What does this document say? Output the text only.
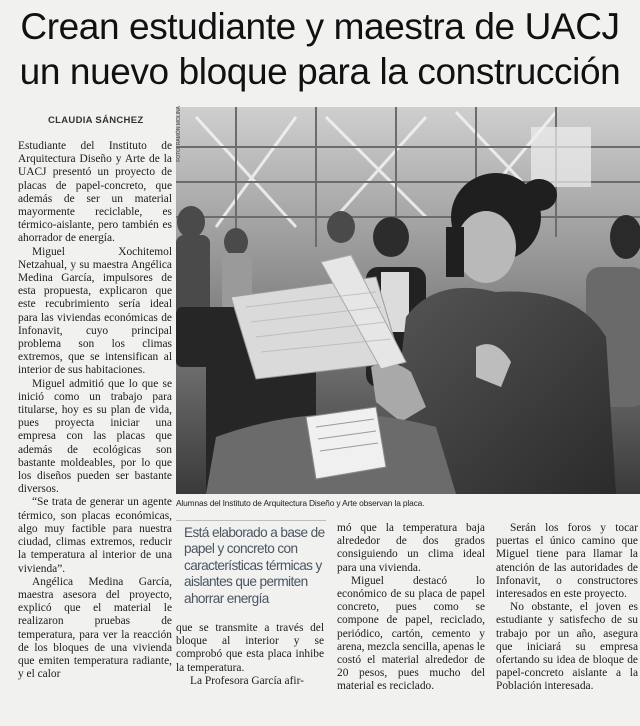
Crean estudiante y maestra de UACJ
un nuevo bloque para la construcción
CLAUDIA SÁNCHEZ

Estudiante del Instituto de Arquitectura Diseño y Arte de la UACJ presentó un proyecto de placas de papel-concreto, que además de ser un material mayormente reciclable, es térmico-aislante, pero también es ahorrador de energía.

Miguel Xochitemol Netzahual, y su maestra Angélica Medina García, impulsores de esta propuesta, explicaron que este recubrimiento sería ideal para las viviendas económicas de Infonavit, cuyo principal problema son los climas extremos, que se intensifican al interior de sus habitaciones.

Miguel admitió que lo que se inició como un trabajo para titularse, hoy es su plan de vida, pues proyecta iniciar una empresa con las placas que además de ecológicas son bastante moldeables, por lo que los diseños pueden ser bastante diversos.

“Se trata de generar un agente térmico, son placas económicas, algo muy factible para nuestra ciudad, climas extremos, reducir la temperatura al interior de una vivienda”.

Angélica Medina García, maestra asesora del proyecto, explicó que el material le realizaron pruebas de temperatura, para ver la reacción de los bloques de una vivienda que emiten temperatura radiante, y el calor

FOTO: RAMÓN MOLINA
Alumnas del Instituto de Arquitectura Diseño y Arte observan la placa.
Está elaborado a base de papel y concreto con características térmicas y aislantes que permiten ahorrar energía

que se transmite a través del bloque al interior y se comprobó que esta placa inhibe la temperatura.

La Profesora García afir-

mó que la temperatura baja alrededor de dos grados consiguiendo un clima ideal para una vivienda.

Miguel destacó lo económico de su placa de papel concreto, pues como se compone de papel, reciclado, periódico, cartón, cemento y arena, mezcla sencilla, apenas le costó el material alrededor de 20 pesos, pues mucho del material es reciclado.

Serán los foros y tocar puertas el único camino que Miguel tiene para llamar la atención de las autoridades de Infonavit, o constructores interesados en este proyecto.

No obstante, el joven es estudiante y satisfecho de su trabajo por un año, asegura que iniciará su empresa ofertando su idea de bloque de papel-concreto aislante a la Población interesada.
